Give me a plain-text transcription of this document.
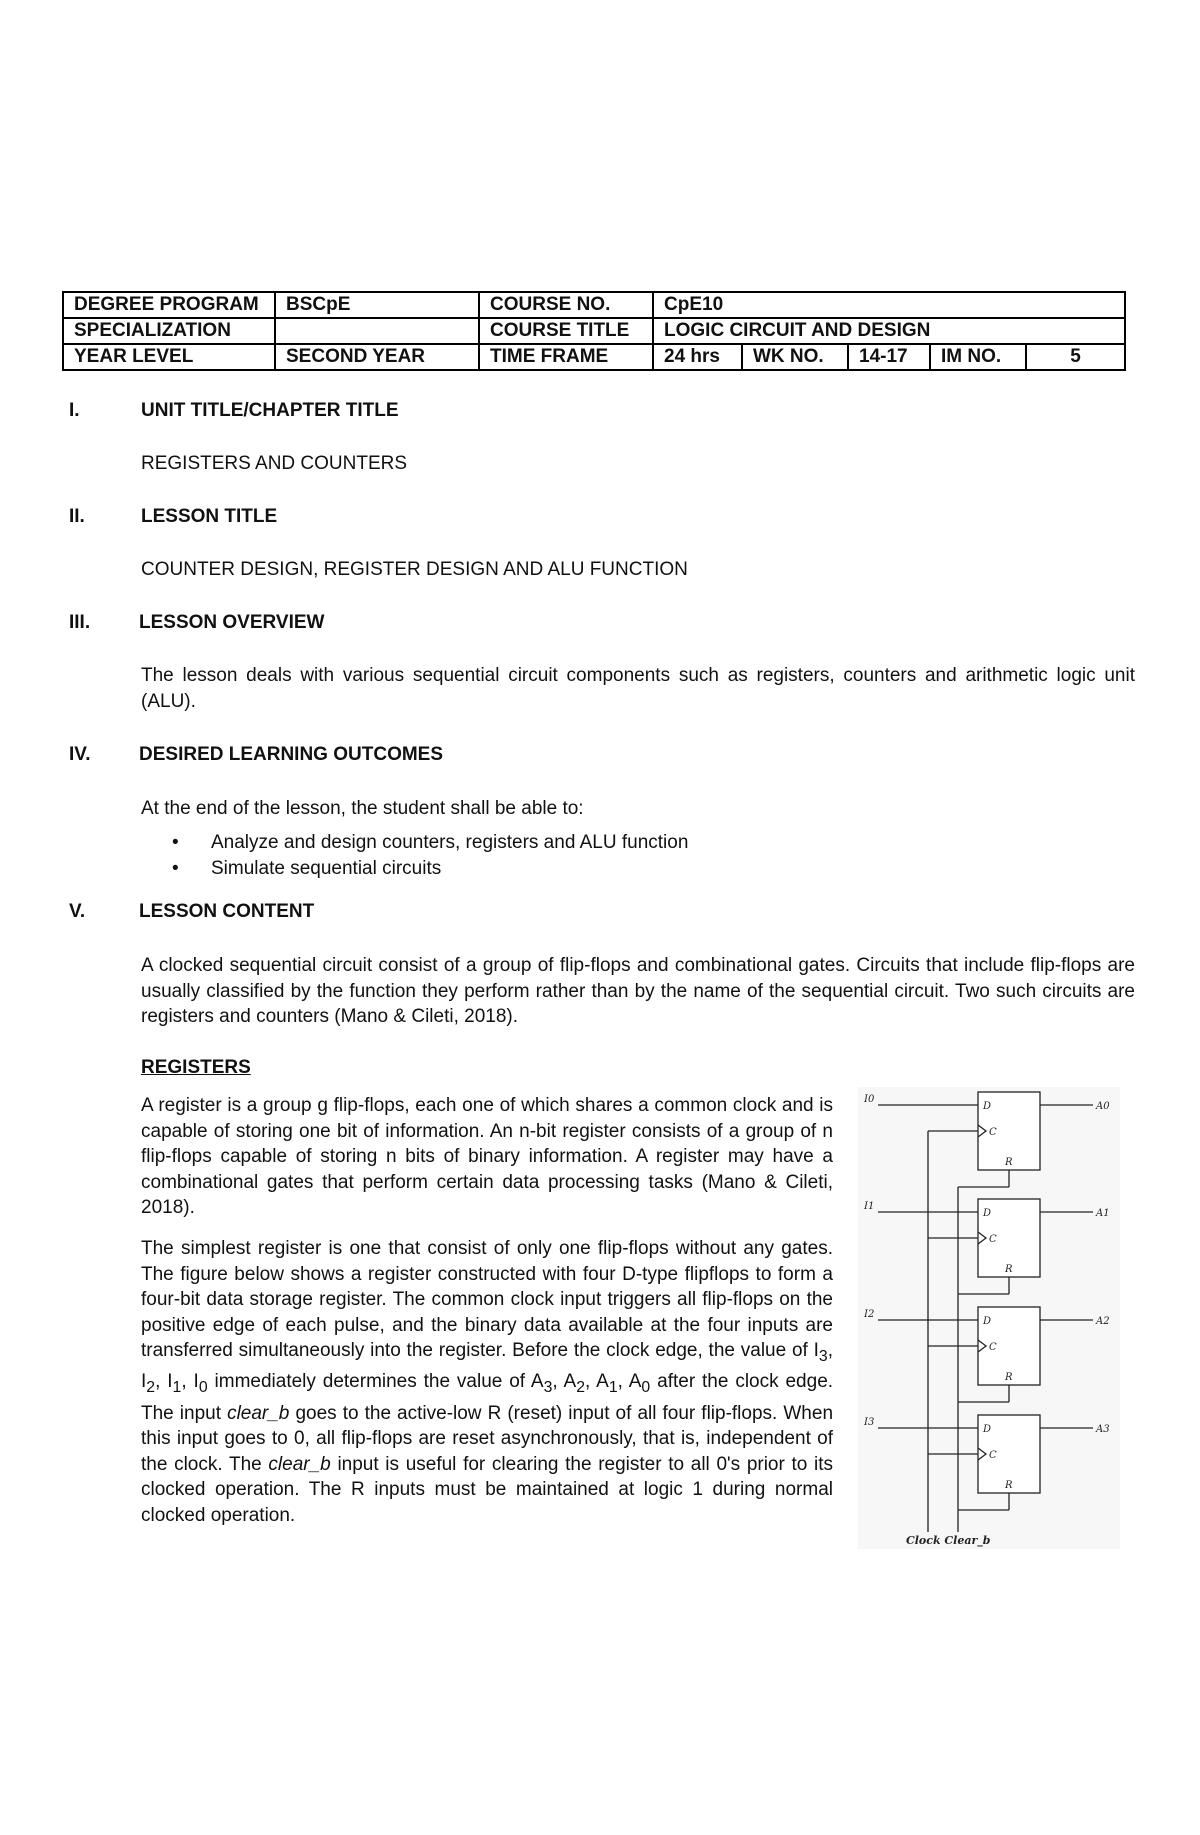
DEGREE PROGRAM	BSCpE	COURSE NO.	CpE10				
SPECIALIZATION		COURSE TITLE	LOGIC CIRCUIT AND DESIGN				
YEAR LEVEL	SECOND YEAR	TIME FRAME	24 hrs	WK NO.	14-17	IM NO.	5
I.	UNIT TITLE/CHAPTER TITLE
REGISTERS AND COUNTERS
II.	LESSON TITLE
COUNTER DESIGN, REGISTER DESIGN AND ALU FUNCTION
III.	LESSON OVERVIEW
The lesson deals with various sequential circuit components such as registers, counters and arithmetic logic unit (ALU).
IV.	DESIRED LEARNING OUTCOMES
At the end of the lesson, the student shall be able to:
• Analyze and design counters, registers and ALU function
• Simulate sequential circuits
V.	LESSON CONTENT
A clocked sequential circuit consist of a group of flip-flops and combinational gates. Circuits that include flip-flops are usually classified by the function they perform rather than by the name of the sequential circuit. Two such circuits are registers and counters (Mano & Cileti, 2018).
REGISTERS
A register is a group g flip-flops, each one of which shares a common clock and is capable of storing one bit of information. An n-bit register consists of a group of n flip-flops capable of storing n bits of binary information. A register may have a combinational gates that perform certain data processing tasks (Mano & Cileti, 2018).
The simplest register is one that consist of only one flip-flops without any gates. The figure below shows a register constructed with four D-type flipflops to form a four-bit data storage register. The common clock input triggers all flip-flops on the positive edge of each pulse, and the binary data available at the four inputs are transferred simultaneously into the register. Before the clock edge, the value of $I_3$, $I_2$, $I_1$, $I_0$ immediately determines the value of $A_3$, $A_2$, $A_1$, $A_0$ after the clock edge. The input clear_b goes to the active-low R (reset) input of all four flip-flops. When this input goes to 0, all flip-flops are reset asynchronously, that is, independent of the clock. The clear_b input is useful for clearing the register to all 0's prior to its clocked operation. The R inputs must be maintained at logic 1 during normal clocked operation.
I0
I1
I2
I3
A0
A1
A2
A3
D
C
R
D
C
R
D
C
R
D
C
R
Clock Clear_b
